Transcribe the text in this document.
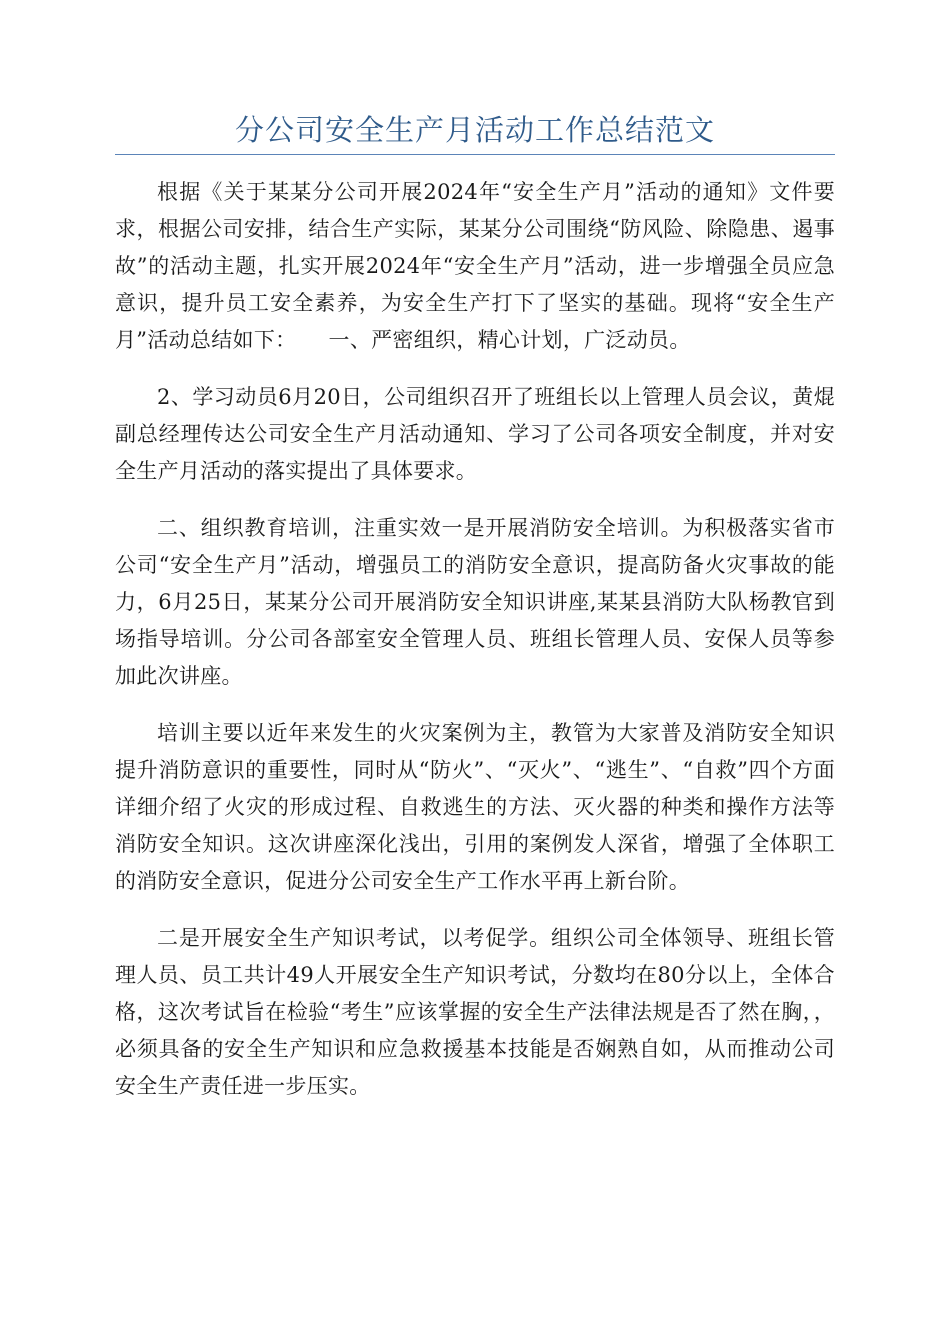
分公司安全生产月活动工作总结范文

根据《关于某某分公司开展2024年“安全生产月”活动的通知》文件要求，根据公司安排，结合生产实际，某某分公司围绕“防风险、除隐患、遏事故”的活动主题，扎实开展2024年“安全生产月”活动，进一步增强全员应急意识，提升员工安全素养，为安全生产打下了坚实的基础。现将“安全生产月”活动总结如下：　　一、严密组织，精心计划，广泛动员。

2、学习动员6月20日，公司组织召开了班组长以上管理人员会议，黄焜副总经理传达公司安全生产月活动通知、学习了公司各项安全制度，并对安全生产月活动的落实提出了具体要求。

二、组织教育培训，注重实效一是开展消防安全培训。为积极落实省市公司“安全生产月”活动，增强员工的消防安全意识，提高防备火灾事故的能力，6月25日，某某分公司开展消防安全知识讲座,某某县消防大队杨教官到场指导培训。分公司各部室安全管理人员、班组长管理人员、安保人员等参加此次讲座。

培训主要以近年来发生的火灾案例为主，教管为大家普及消防安全知识提升消防意识的重要性，同时从“防火”、“灭火”、“逃生”、“自救”四个方面详细介绍了火灾的形成过程、自救逃生的方法、灭火器的种类和操作方法等消防安全知识。这次讲座深化浅出，引用的案例发人深省，增强了全体职工的消防安全意识，促进分公司安全生产工作水平再上新台阶。

二是开展安全生产知识考试，以考促学。组织公司全体领导、班组长管理人员、员工共计49人开展安全生产知识考试，分数均在80分以上，全体合格，这次考试旨在检验“考生”应该掌握的安全生产法律法规是否了然在胸，，必须具备的安全生产知识和应急救援基本技能是否娴熟自如，从而推动公司安全生产责任进一步压实。
